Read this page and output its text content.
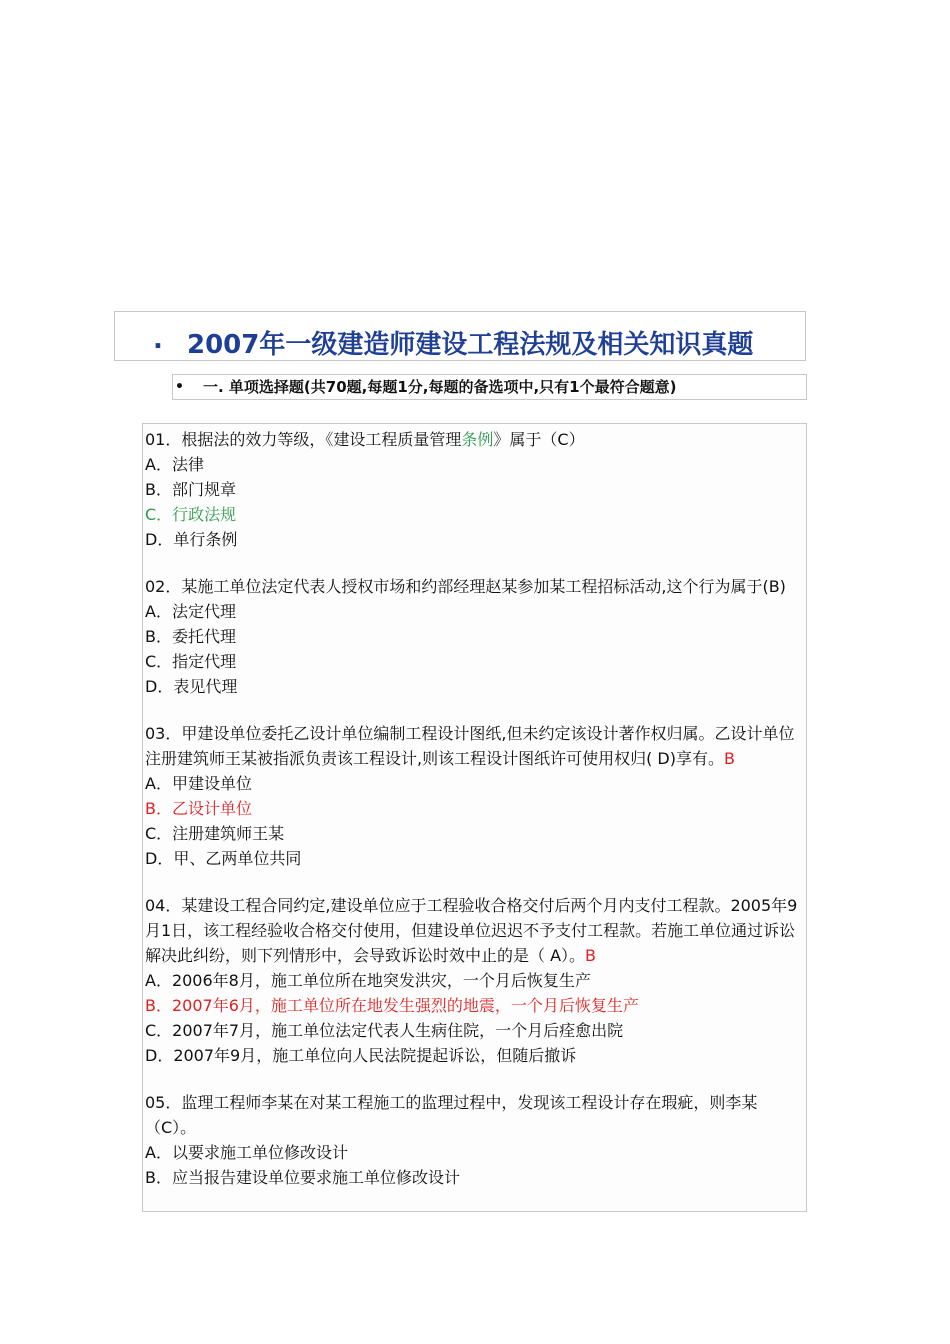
. 2007年一级建造师建设工程法规及相关知识真题
• 一. 单项选择题(共70题,每题1分,每题的备选项中,只有1个最符合题意)
01．根据法的效力等级，《建设工程质量管理条例》属于（C）
A．法律
B．部门规章
C．行政法规
D．单行条例
02．某施工单位法定代表人授权市场和约部经理赵某参加某工程招标活动,这个行为属于(B)
A．法定代理
B．委托代理
C．指定代理
D．表见代理
03．甲建设单位委托乙设计单位编制工程设计图纸,但未约定该设计著作权归属。乙设计单位注册建筑师王某被指派负责该工程设计,则该工程设计图纸许可使用权归( D)享有。B
A．甲建设单位
B．乙设计单位
C．注册建筑师王某
D．甲、乙两单位共同
04．某建设工程合同约定,建设单位应于工程验收合格交付后两个月内支付工程款。2005年9月1日，该工程经验收合格交付使用，但建设单位迟迟不予支付工程款。若施工单位通过诉讼解决此纠纷，则下列情形中，会导致诉讼时效中止的是（ A）。B
A．2006年8月，施工单位所在地突发洪灾，一个月后恢复生产
B．2007年6月，施工单位所在地发生强烈的地震，一个月后恢复生产
C．2007年7月，施工单位法定代表人生病住院，一个月后痊愈出院
D．2007年9月，施工单位向人民法院提起诉讼，但随后撤诉
05．监理工程师李某在对某工程施工的监理过程中，发现该工程设计存在瑕疵，则李某（C）。
A．以要求施工单位修改设计
B．应当报告建设单位要求施工单位修改设计
